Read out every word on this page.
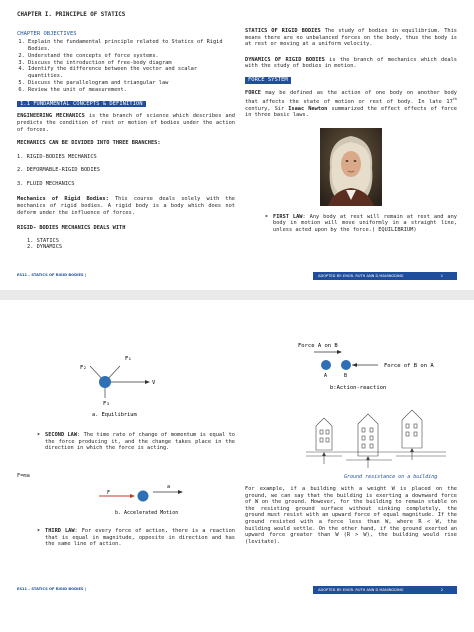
CHAPTER I. PRINCIPLE OF STATICS
CHAPTER OBJECTIVES
1. Explain the fundamental principle related to Statics of Rigid Bodies.
2. Understand the concepts of force systems.
3. Discuss the introduction of free-body diagram
4. Identify the difference between the vector and scalar quantities.
5. Discuss the parallelogram and triangular law
6. Review the unit of measurement.
1.1 FUNDAMENTAL CONCEPTS & DEFINITION

ENGINEERING MECHANICS is the branch of science which describes and predicts the condition of rest or motion of bodies under the action of forces.

MECHANICS CAN BE DIVIDED INTO THREE BRANCHES:

1. RIGID-BODIES MECHANICS

2. DEFORMABLE-RIGID BODIES

3. FLUID MECHANICS

Mechanics of Rigid Bodies: This course deals solely with the mechanics of rigid bodies. A rigid body is a body which does not deform under the influence of forces.

RIGID- BODIES MECHANICS DEALS WITH

1. STATICS
2. DYNAMICS

STATICS OF RIGID BODIES The study of bodies in equilibrium. This means there are no unbalanced forces on the body, thus the body is at rest or moving at a uniform velocity.

DYNAMICS OF RIGID BODIES is the branch of mechanics which deals with the study of bodies in motion.

FORCE SYSTEM

FORCE may be defined as the action of one body on another body that affects the state of motion or rest of body. In late 17th century, Sir Isaac Newton summarized the effect effects of force in three basic laws.

➤ FIRST LAW: Any body at rest will remain at rest and any body in motion will move uniformly in a straight line, unless acted upon by the force.( EQUILIBRIUM)

ES11 – STATICS OF RIGID BODIES |	ADOPTED BY: ENGR. RUTH ANN D MANINGDING	1
F₂
F₁
V
F₃
a. Equilibrium
➤ SECOND LAW: The time rate of change of momentum is equal to the force producing it, and the change takes place in the direction in which the force is acting.

F=ma
➤ THIRD LAW: For every force of action, there is a reaction that is equal in magnitude, opposite in direction and has the same line of action.

F
a
b. Accelerated Motion
Force A on B
Force of B on A
A	B
b:Action-reaction
Ground resistance on a building

For example, if a building with a weight W is placed on the ground, we can say that the building is exerting a downward force of W on the ground. However, for the building to remain stable on the resisting ground surface without sinking completely, the ground must resist with an upward force of equal magnitude. If the ground resisted with a force less than W, where R < W, the building would settle. On the other hand, if the ground exerted an upward force greater than W (R > W), the building would rise (levitate).

ES11 – STATICS OF RIGID BODIES |	ADOPTED BY: ENGR. RUTH ANN D MANINGDING	2
